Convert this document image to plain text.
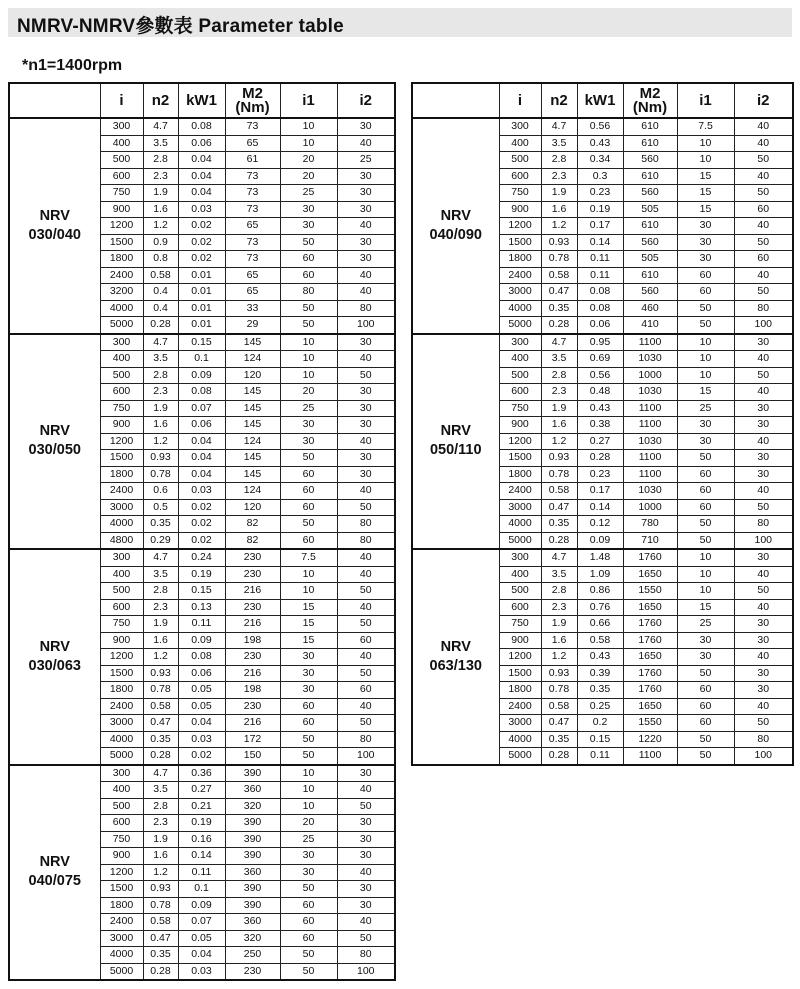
NMRV-NMRV參數表 Parameter table
*n1=1400rpm
	i	n2	kW1	M2
(Nm)	i1	i2
NRV
030/040	300	4.7	0.08	73	10	30
	400	3.5	0.06	65	10	40
	500	2.8	0.04	61	20	25
	600	2.3	0.04	73	20	30
	750	1.9	0.04	73	25	30
	900	1.6	0.03	73	30	30
	1200	1.2	0.02	65	30	40
	1500	0.9	0.02	73	50	30
	1800	0.8	0.02	73	60	30
	2400	0.58	0.01	65	60	40
	3200	0.4	0.01	65	80	40
	4000	0.4	0.01	33	50	80
	5000	0.28	0.01	29	50	100
NRV
030/050	300	4.7	0.15	145	10	30
	400	3.5	0.1	124	10	40
	500	2.8	0.09	120	10	50
	600	2.3	0.08	145	20	30
	750	1.9	0.07	145	25	30
	900	1.6	0.06	145	30	30
	1200	1.2	0.04	124	30	40
	1500	0.93	0.04	145	50	30
	1800	0.78	0.04	145	60	30
	2400	0.6	0.03	124	60	40
	3000	0.5	0.02	120	60	50
	4000	0.35	0.02	82	50	80
	4800	0.29	0.02	82	60	80
NRV
030/063	300	4.7	0.24	230	7.5	40
	400	3.5	0.19	230	10	40
	500	2.8	0.15	216	10	50
	600	2.3	0.13	230	15	40
	750	1.9	0.11	216	15	50
	900	1.6	0.09	198	15	60
	1200	1.2	0.08	230	30	40
	1500	0.93	0.06	216	30	50
	1800	0.78	0.05	198	30	60
	2400	0.58	0.05	230	60	40
	3000	0.47	0.04	216	60	50
	4000	0.35	0.03	172	50	80
	5000	0.28	0.02	150	50	100
NRV
040/075	300	4.7	0.36	390	10	30
	400	3.5	0.27	360	10	40
	500	2.8	0.21	320	10	50
	600	2.3	0.19	390	20	30
	750	1.9	0.16	390	25	30
	900	1.6	0.14	390	30	30
	1200	1.2	0.11	360	30	40
	1500	0.93	0.1	390	50	30
	1800	0.78	0.09	390	60	30
	2400	0.58	0.07	360	60	40
	3000	0.47	0.05	320	60	50
	4000	0.35	0.04	250	50	80
	5000	0.28	0.03	230	50	100
	i	n2	kW1	M2
(Nm)	i1	i2
NRV
040/090	300	4.7	0.56	610	7.5	40
	400	3.5	0.43	610	10	40
	500	2.8	0.34	560	10	50
	600	2.3	0.3	610	15	40
	750	1.9	0.23	560	15	50
	900	1.6	0.19	505	15	60
	1200	1.2	0.17	610	30	40
	1500	0.93	0.14	560	30	50
	1800	0.78	0.11	505	30	60
	2400	0.58	0.11	610	60	40
	3000	0.47	0.08	560	60	50
	4000	0.35	0.08	460	50	80
	5000	0.28	0.06	410	50	100
NRV
050/110	300	4.7	0.95	1100	10	30
	400	3.5	0.69	1030	10	40
	500	2.8	0.56	1000	10	50
	600	2.3	0.48	1030	15	40
	750	1.9	0.43	1100	25	30
	900	1.6	0.38	1100	30	30
	1200	1.2	0.27	1030	30	40
	1500	0.93	0.28	1100	50	30
	1800	0.78	0.23	1100	60	30
	2400	0.58	0.17	1030	60	40
	3000	0.47	0.14	1000	60	50
	4000	0.35	0.12	780	50	80
	5000	0.28	0.09	710	50	100
NRV
063/130	300	4.7	1.48	1760	10	30
	400	3.5	1.09	1650	10	40
	500	2.8	0.86	1550	10	50
	600	2.3	0.76	1650	15	40
	750	1.9	0.66	1760	25	30
	900	1.6	0.58	1760	30	30
	1200	1.2	0.43	1650	30	40
	1500	0.93	0.39	1760	50	30
	1800	0.78	0.35	1760	60	30
	2400	0.58	0.25	1650	60	40
	3000	0.47	0.2	1550	60	50
	4000	0.35	0.15	1220	50	80
	5000	0.28	0.11	1100	50	100
